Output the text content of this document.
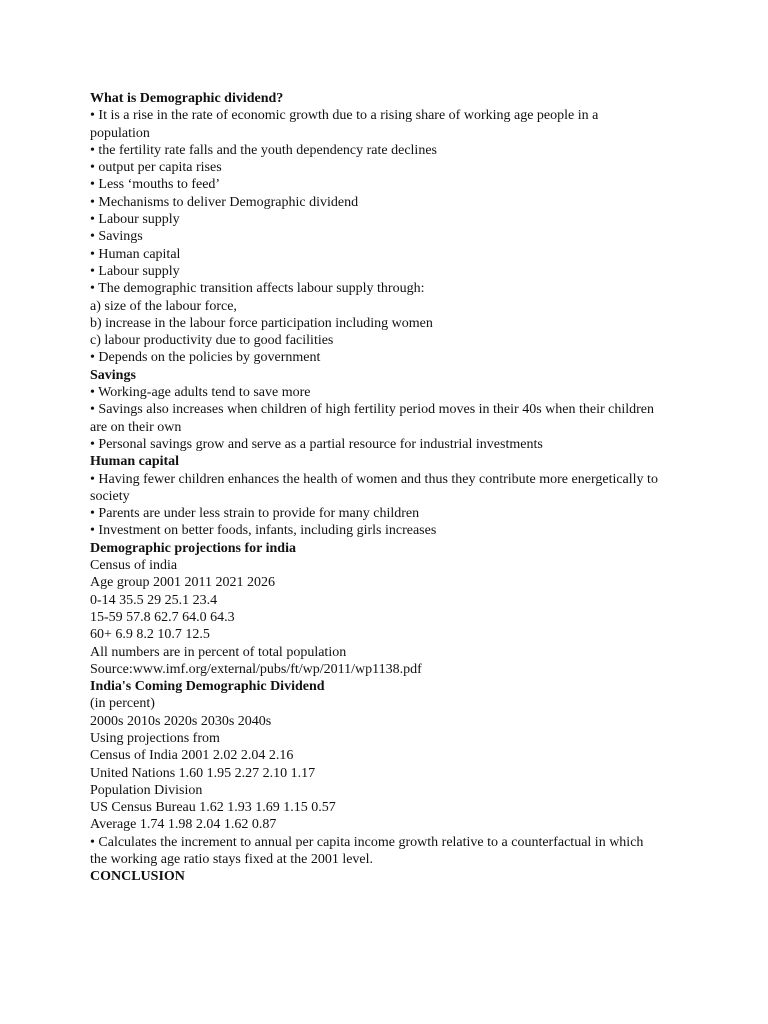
What is Demographic dividend?

• It is a rise in the rate of economic growth due to a rising share of working age people in a population

• the fertility rate falls and the youth dependency rate declines

• output per capita rises

• Less ‘mouths to feed’

• Mechanisms to deliver Demographic dividend

• Labour supply

• Savings

• Human capital

• Labour supply

• The demographic transition affects labour supply through:

a) size of the labour force,

b) increase in the labour force participation including women

c) labour productivity due to good facilities

• Depends on the policies by government

Savings

• Working-age adults tend to save more

• Savings also increases when children of high fertility period moves in their 40s when their children are on their own

• Personal savings grow and serve as a partial resource for industrial investments

Human capital

• Having fewer children enhances the health of women and thus they contribute more energetically to society

• Parents are under less strain to provide for many children

• Investment on better foods, infants, including girls increases

Demographic projections for india

Census of india

Age group 2001 2011 2021 2026

0-14 35.5 29 25.1 23.4

15-59 57.8 62.7 64.0 64.3

60+ 6.9 8.2 10.7 12.5

All numbers are in percent of total population

Source:www.imf.org/external/pubs/ft/wp/2011/wp1138.pdf

India's Coming Demographic Dividend

(in percent)

2000s 2010s 2020s 2030s 2040s

Using projections from

Census of India 2001 2.02 2.04 2.16

United Nations 1.60 1.95 2.27 2.10 1.17

Population Division

US Census Bureau 1.62 1.93 1.69 1.15 0.57

Average 1.74 1.98 2.04 1.62 0.87

• Calculates the increment to annual per capita income growth relative to a counterfactual in which the working age ratio stays fixed at the 2001 level.

CONCLUSION
